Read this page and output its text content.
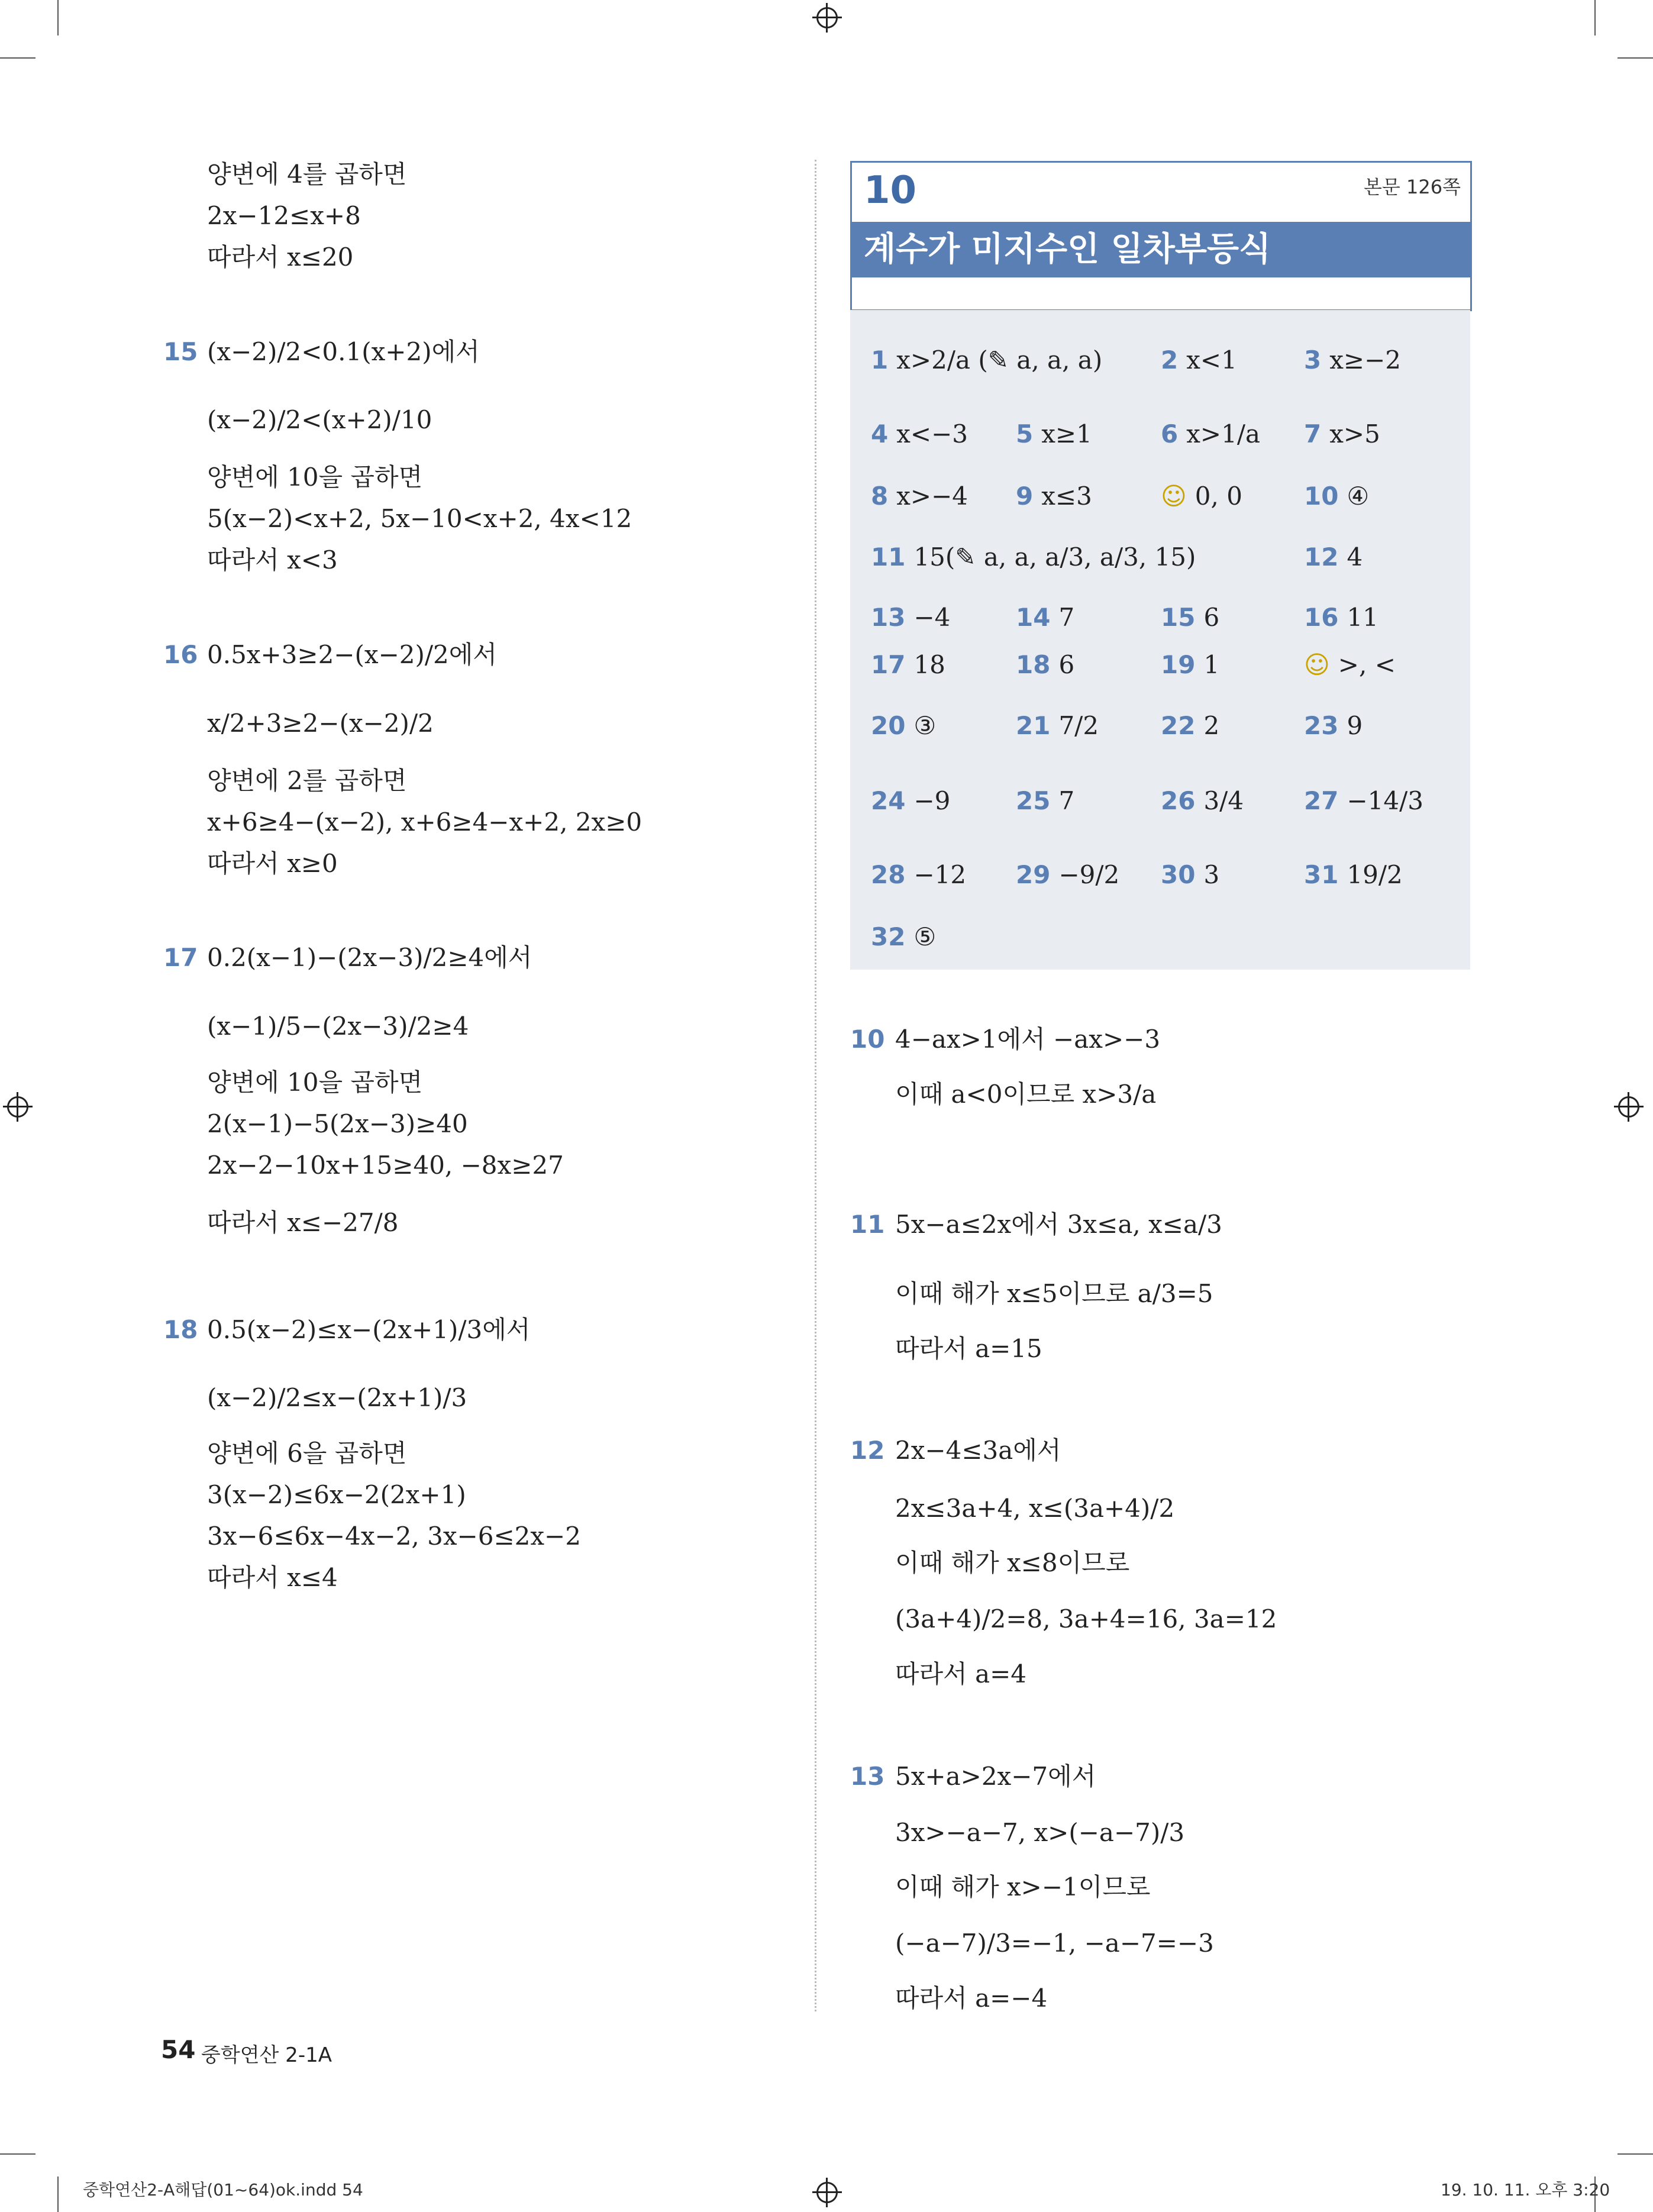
양변에 4를 곱하면
2x−12≤x+8
따라서 x≤20
15 (x−2)/2<0.1(x+2)에서
(x−2)/2<(x+2)/10
양변에 10을 곱하면
5(x−2)<x+2, 5x−10<x+2, 4x<12
따라서 x<3
16 0.5x+3≥2−(x−2)/2에서
x/2+3≥2−(x−2)/2
양변에 2를 곱하면
x+6≥4−(x−2), x+6≥4−x+2, 2x≥0
따라서 x≥0
17 0.2(x−1)−(2x−3)/2≥4에서
(x−1)/5−(2x−3)/2≥4
양변에 10을 곱하면
2(x−1)−5(2x−3)≥40
2x−2−10x+15≥40, −8x≥27
따라서 x≤−27/8
18 0.5(x−2)≤x−(2x+1)/3에서
(x−2)/2≤x−(2x+1)/3
양변에 6을 곱하면
3(x−2)≤6x−2(2x+1)
3x−6≤6x−4x−2, 3x−6≤2x−2
따라서 x≤4
10	본문 126쪽
계수가 미지수인 일차부등식
1 x>2/a (✎ a, a, a) 2 x<1	3 x≥−2
4 x<−3 5 x≥1	6 x>1/a 7 x>5
8 x>−4 9 x≤3	☺ 0, 0 10 ④
11 15(✎ a, a, a/3, a/3, 15)	12 4
13 −4	14 7	15 6	16 11
17 18	18 6	19 1	☺ >, <
20 ③	21 7/2 22 2	23 9
24 −9	25 7	26 3/4 27 −14/3
28 −12 29 −9/2 30 3	31 19/2
32 ⑤
10 4−ax>1에서 −ax>−3
이때 a<0이므로 x>3/a
11 5x−a≤2x에서 3x≤a, x≤a/3
이때 해가 x≤5이므로 a/3=5
따라서 a=15
12 2x−4≤3a에서
2x≤3a+4, x≤(3a+4)/2
이때 해가 x≤8이므로
(3a+4)/2=8, 3a+4=16, 3a=12
따라서 a=4
13 5x+a>2x−7에서
3x>−a−7, x>(−a−7)/3
이때 해가 x>−1이므로
(−a−7)/3=−1, −a−7=−3
따라서 a=−4
54 중학연산 2-1A
중학연산2-A해답(01~64)ok.indd 54	19. 10. 11. 오후 3:20
